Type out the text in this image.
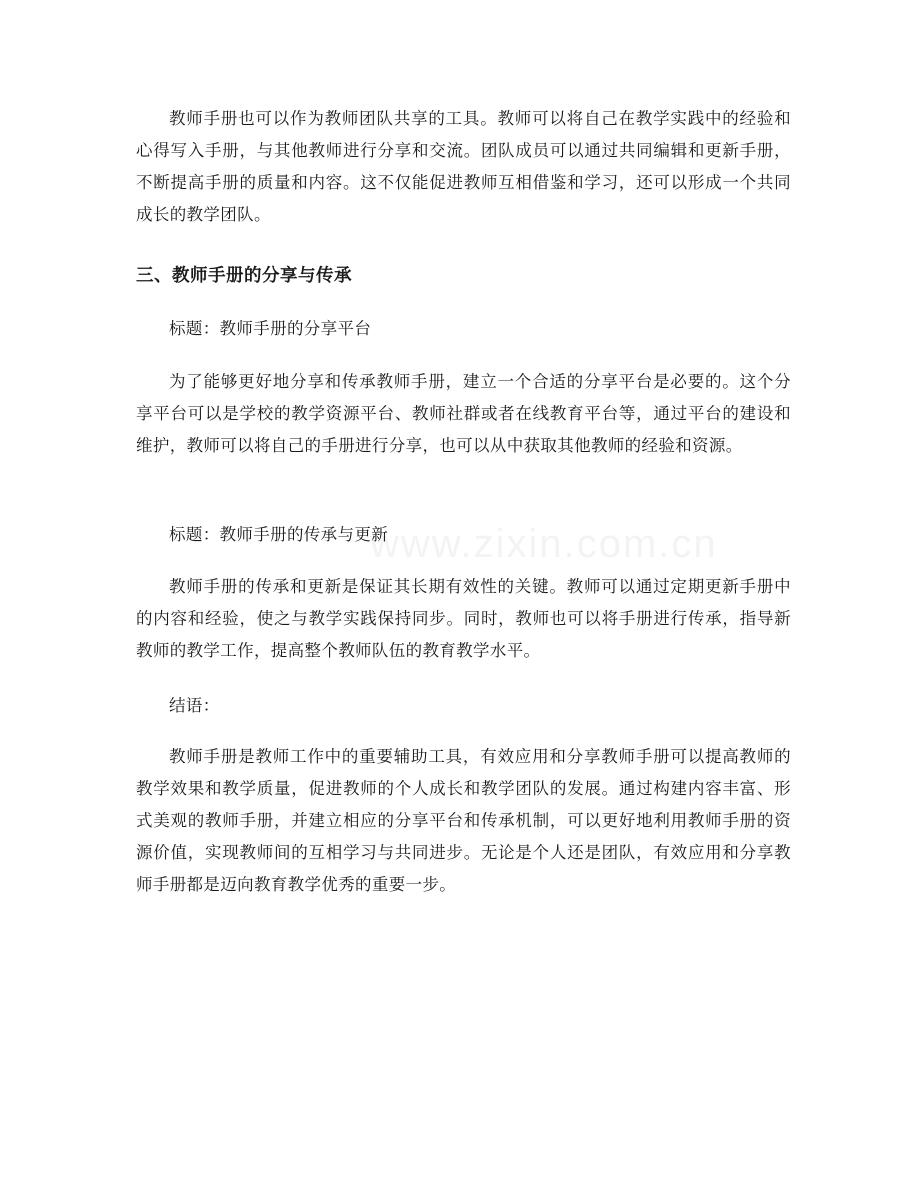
教师手册也可以作为教师团队共享的工具。教师可以将自己在教学实践中的经验和心得写入手册，与其他教师进行分享和交流。团队成员可以通过共同编辑和更新手册，不断提高手册的质量和内容。这不仅能促进教师互相借鉴和学习，还可以形成一个共同成长的教学团队。

三、教师手册的分享与传承

标题：教师手册的分享平台

为了能够更好地分享和传承教师手册，建立一个合适的分享平台是必要的。这个分享平台可以是学校的教学资源平台、教师社群或者在线教育平台等，通过平台的建设和维护，教师可以将自己的手册进行分享，也可以从中获取其他教师的经验和资源。

标题：教师手册的传承与更新

教师手册的传承和更新是保证其长期有效性的关键。教师可以通过定期更新手册中的内容和经验，使之与教学实践保持同步。同时，教师也可以将手册进行传承，指导新教师的教学工作，提高整个教师队伍的教育教学水平。

结语：

教师手册是教师工作中的重要辅助工具，有效应用和分享教师手册可以提高教师的教学效果和教学质量，促进教师的个人成长和教学团队的发展。通过构建内容丰富、形式美观的教师手册，并建立相应的分享平台和传承机制，可以更好地利用教师手册的资源价值，实现教师间的互相学习与共同进步。无论是个人还是团队，有效应用和分享教师手册都是迈向教育教学优秀的重要一步。
